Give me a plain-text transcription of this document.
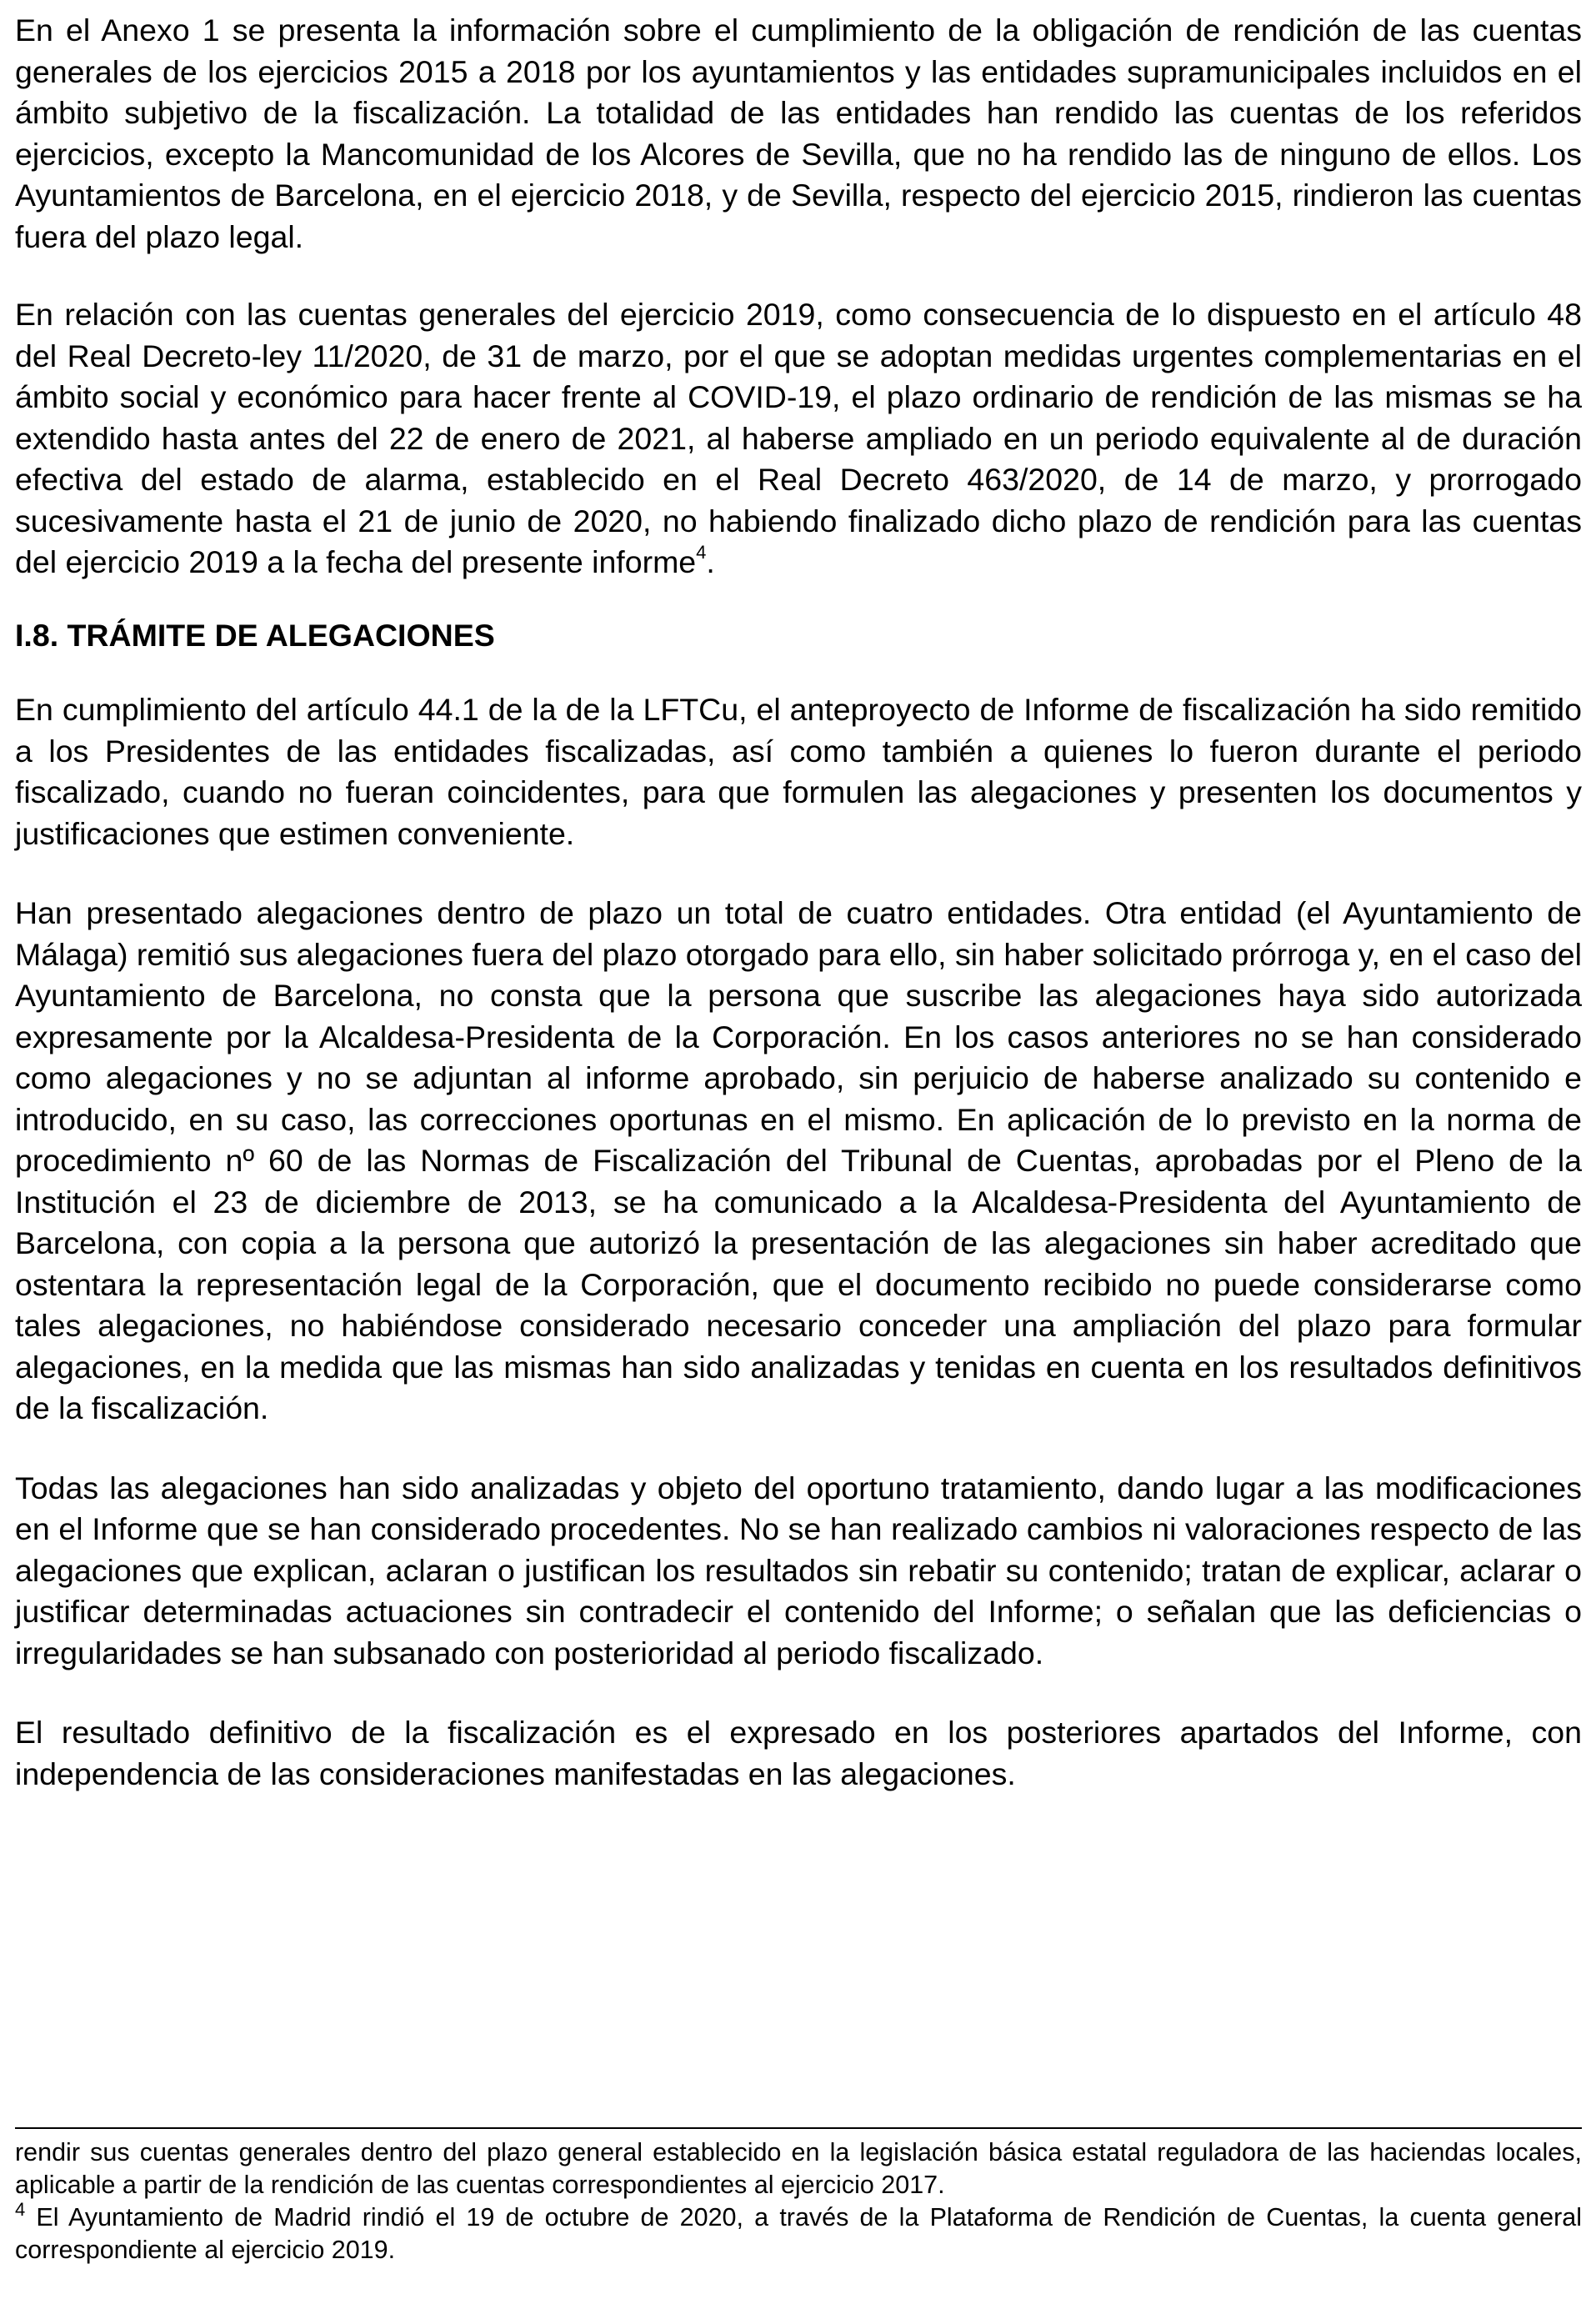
En el Anexo 1 se presenta la información sobre el cumplimiento de la obligación de rendición de las cuentas generales de los ejercicios 2015 a 2018 por los ayuntamientos y las entidades supramunicipales incluidos en el ámbito subjetivo de la fiscalización. La totalidad de las entidades han rendido las cuentas de los referidos ejercicios, excepto la Mancomunidad de los Alcores de Sevilla, que no ha rendido las de ninguno de ellos. Los Ayuntamientos de Barcelona, en el ejercicio 2018, y de Sevilla, respecto del ejercicio 2015, rindieron las cuentas fuera del plazo legal.

En relación con las cuentas generales del ejercicio 2019, como consecuencia de lo dispuesto en el artículo 48 del Real Decreto-ley 11/2020, de 31 de marzo, por el que se adoptan medidas urgentes complementarias en el ámbito social y económico para hacer frente al COVID-19, el plazo ordinario de rendición de las mismas se ha extendido hasta antes del 22 de enero de 2021, al haberse ampliado en un periodo equivalente al de duración efectiva del estado de alarma, establecido en el Real Decreto 463/2020, de 14 de marzo, y prorrogado sucesivamente hasta el 21 de junio de 2020, no habiendo finalizado dicho plazo de rendición para las cuentas del ejercicio 2019 a la fecha del presente informe$^4$.

I.8. TRÁMITE DE ALEGACIONES

En cumplimiento del artículo 44.1 de la de la LFTCu, el anteproyecto de Informe de fiscalización ha sido remitido a los Presidentes de las entidades fiscalizadas, así como también a quienes lo fueron durante el periodo fiscalizado, cuando no fueran coincidentes, para que formulen las alegaciones y presenten los documentos y justificaciones que estimen conveniente.

Han presentado alegaciones dentro de plazo un total de cuatro entidades. Otra entidad (el Ayuntamiento de Málaga) remitió sus alegaciones fuera del plazo otorgado para ello, sin haber solicitado prórroga y, en el caso del Ayuntamiento de Barcelona, no consta que la persona que suscribe las alegaciones haya sido autorizada expresamente por la Alcaldesa-Presidenta de la Corporación. En los casos anteriores no se han considerado como alegaciones y no se adjuntan al informe aprobado, sin perjuicio de haberse analizado su contenido e introducido, en su caso, las correcciones oportunas en el mismo. En aplicación de lo previsto en la norma de procedimiento nº 60 de las Normas de Fiscalización del Tribunal de Cuentas, aprobadas por el Pleno de la Institución el 23 de diciembre de 2013, se ha comunicado a la Alcaldesa-Presidenta del Ayuntamiento de Barcelona, con copia a la persona que autorizó la presentación de las alegaciones sin haber acreditado que ostentara la representación legal de la Corporación, que el documento recibido no puede considerarse como tales alegaciones, no habiéndose considerado necesario conceder una ampliación del plazo para formular alegaciones, en la medida que las mismas han sido analizadas y tenidas en cuenta en los resultados definitivos de la fiscalización.

Todas las alegaciones han sido analizadas y objeto del oportuno tratamiento, dando lugar a las modificaciones en el Informe que se han considerado procedentes. No se han realizado cambios ni valoraciones respecto de las alegaciones que explican, aclaran o justifican los resultados sin rebatir su contenido; tratan de explicar, aclarar o justificar determinadas actuaciones sin contradecir el contenido del Informe; o señalan que las deficiencias o irregularidades se han subsanado con posterioridad al periodo fiscalizado.

El resultado definitivo de la fiscalización es el expresado en los posteriores apartados del Informe, con independencia de las consideraciones manifestadas en las alegaciones.

rendir sus cuentas generales dentro del plazo general establecido en la legislación básica estatal reguladora de las haciendas locales, aplicable a partir de la rendición de las cuentas correspondientes al ejercicio 2017.

$^4$ El Ayuntamiento de Madrid rindió el 19 de octubre de 2020, a través de la Plataforma de Rendición de Cuentas, la cuenta general correspondiente al ejercicio 2019.
